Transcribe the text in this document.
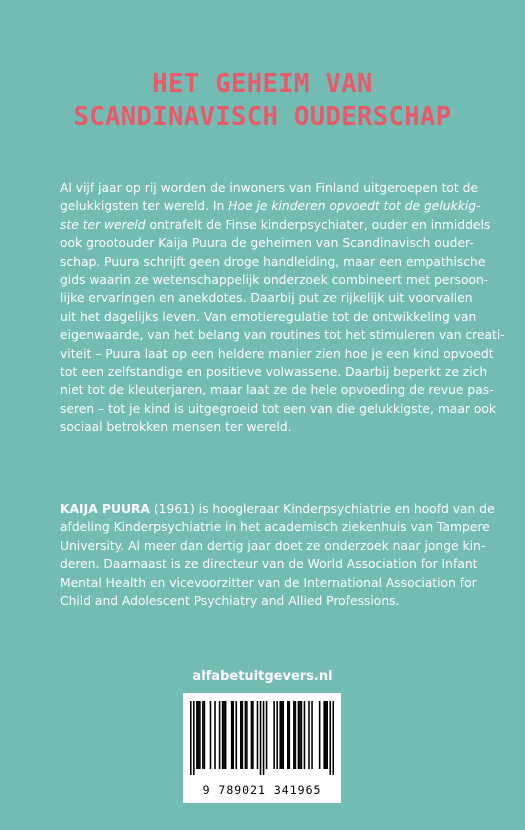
HET GEHEIM VAN
SCANDINAVISCH OUDERSCHAP
Al vijf jaar op rij worden de inwoners van Finland uitgeroepen tot de
gelukkigsten ter wereld. In Hoe je kinderen opvoedt tot de gelukkig-
ste ter wereld ontrafelt de Finse kinderpsychiater, ouder en inmiddels
ook grootouder Kaija Puura de geheimen van Scandinavisch ouder-
schap. Puura schrijft geen droge handleiding, maar een empathische
gids waarin ze wetenschappelijk onderzoek combineert met persoon-
lijke ervaringen en anekdotes. Daarbij put ze rijkelijk uit voorvallen
uit het dagelijks leven. Van emotieregulatie tot de ontwikkeling van
eigenwaarde, van het belang van routines tot het stimuleren van creati-
viteit – Puura laat op een heldere manier zien hoe je een kind opvoedt
tot een zelfstandige en positieve volwassene. Daarbij beperkt ze zich
niet tot de kleuterjaren, maar laat ze de hele opvoeding de revue pas-
seren – tot je kind is uitgegroeid tot een van die gelukkigste, maar ook
sociaal betrokken mensen ter wereld.
KAIJA PUURA (1961) is hoogleraar Kinderpsychiatrie en hoofd van de
afdeling Kinderpsychiatrie in het academisch ziekenhuis van Tampere
University. Al meer dan dertig jaar doet ze onderzoek naar jonge kin-
deren. Daarnaast is ze directeur van de World Association for Infant
Mental Health en vicevoorzitter van de International Association for
Child and Adolescent Psychiatry and Allied Professions.
alfabetuitgevers.nl
9 789021 341965
